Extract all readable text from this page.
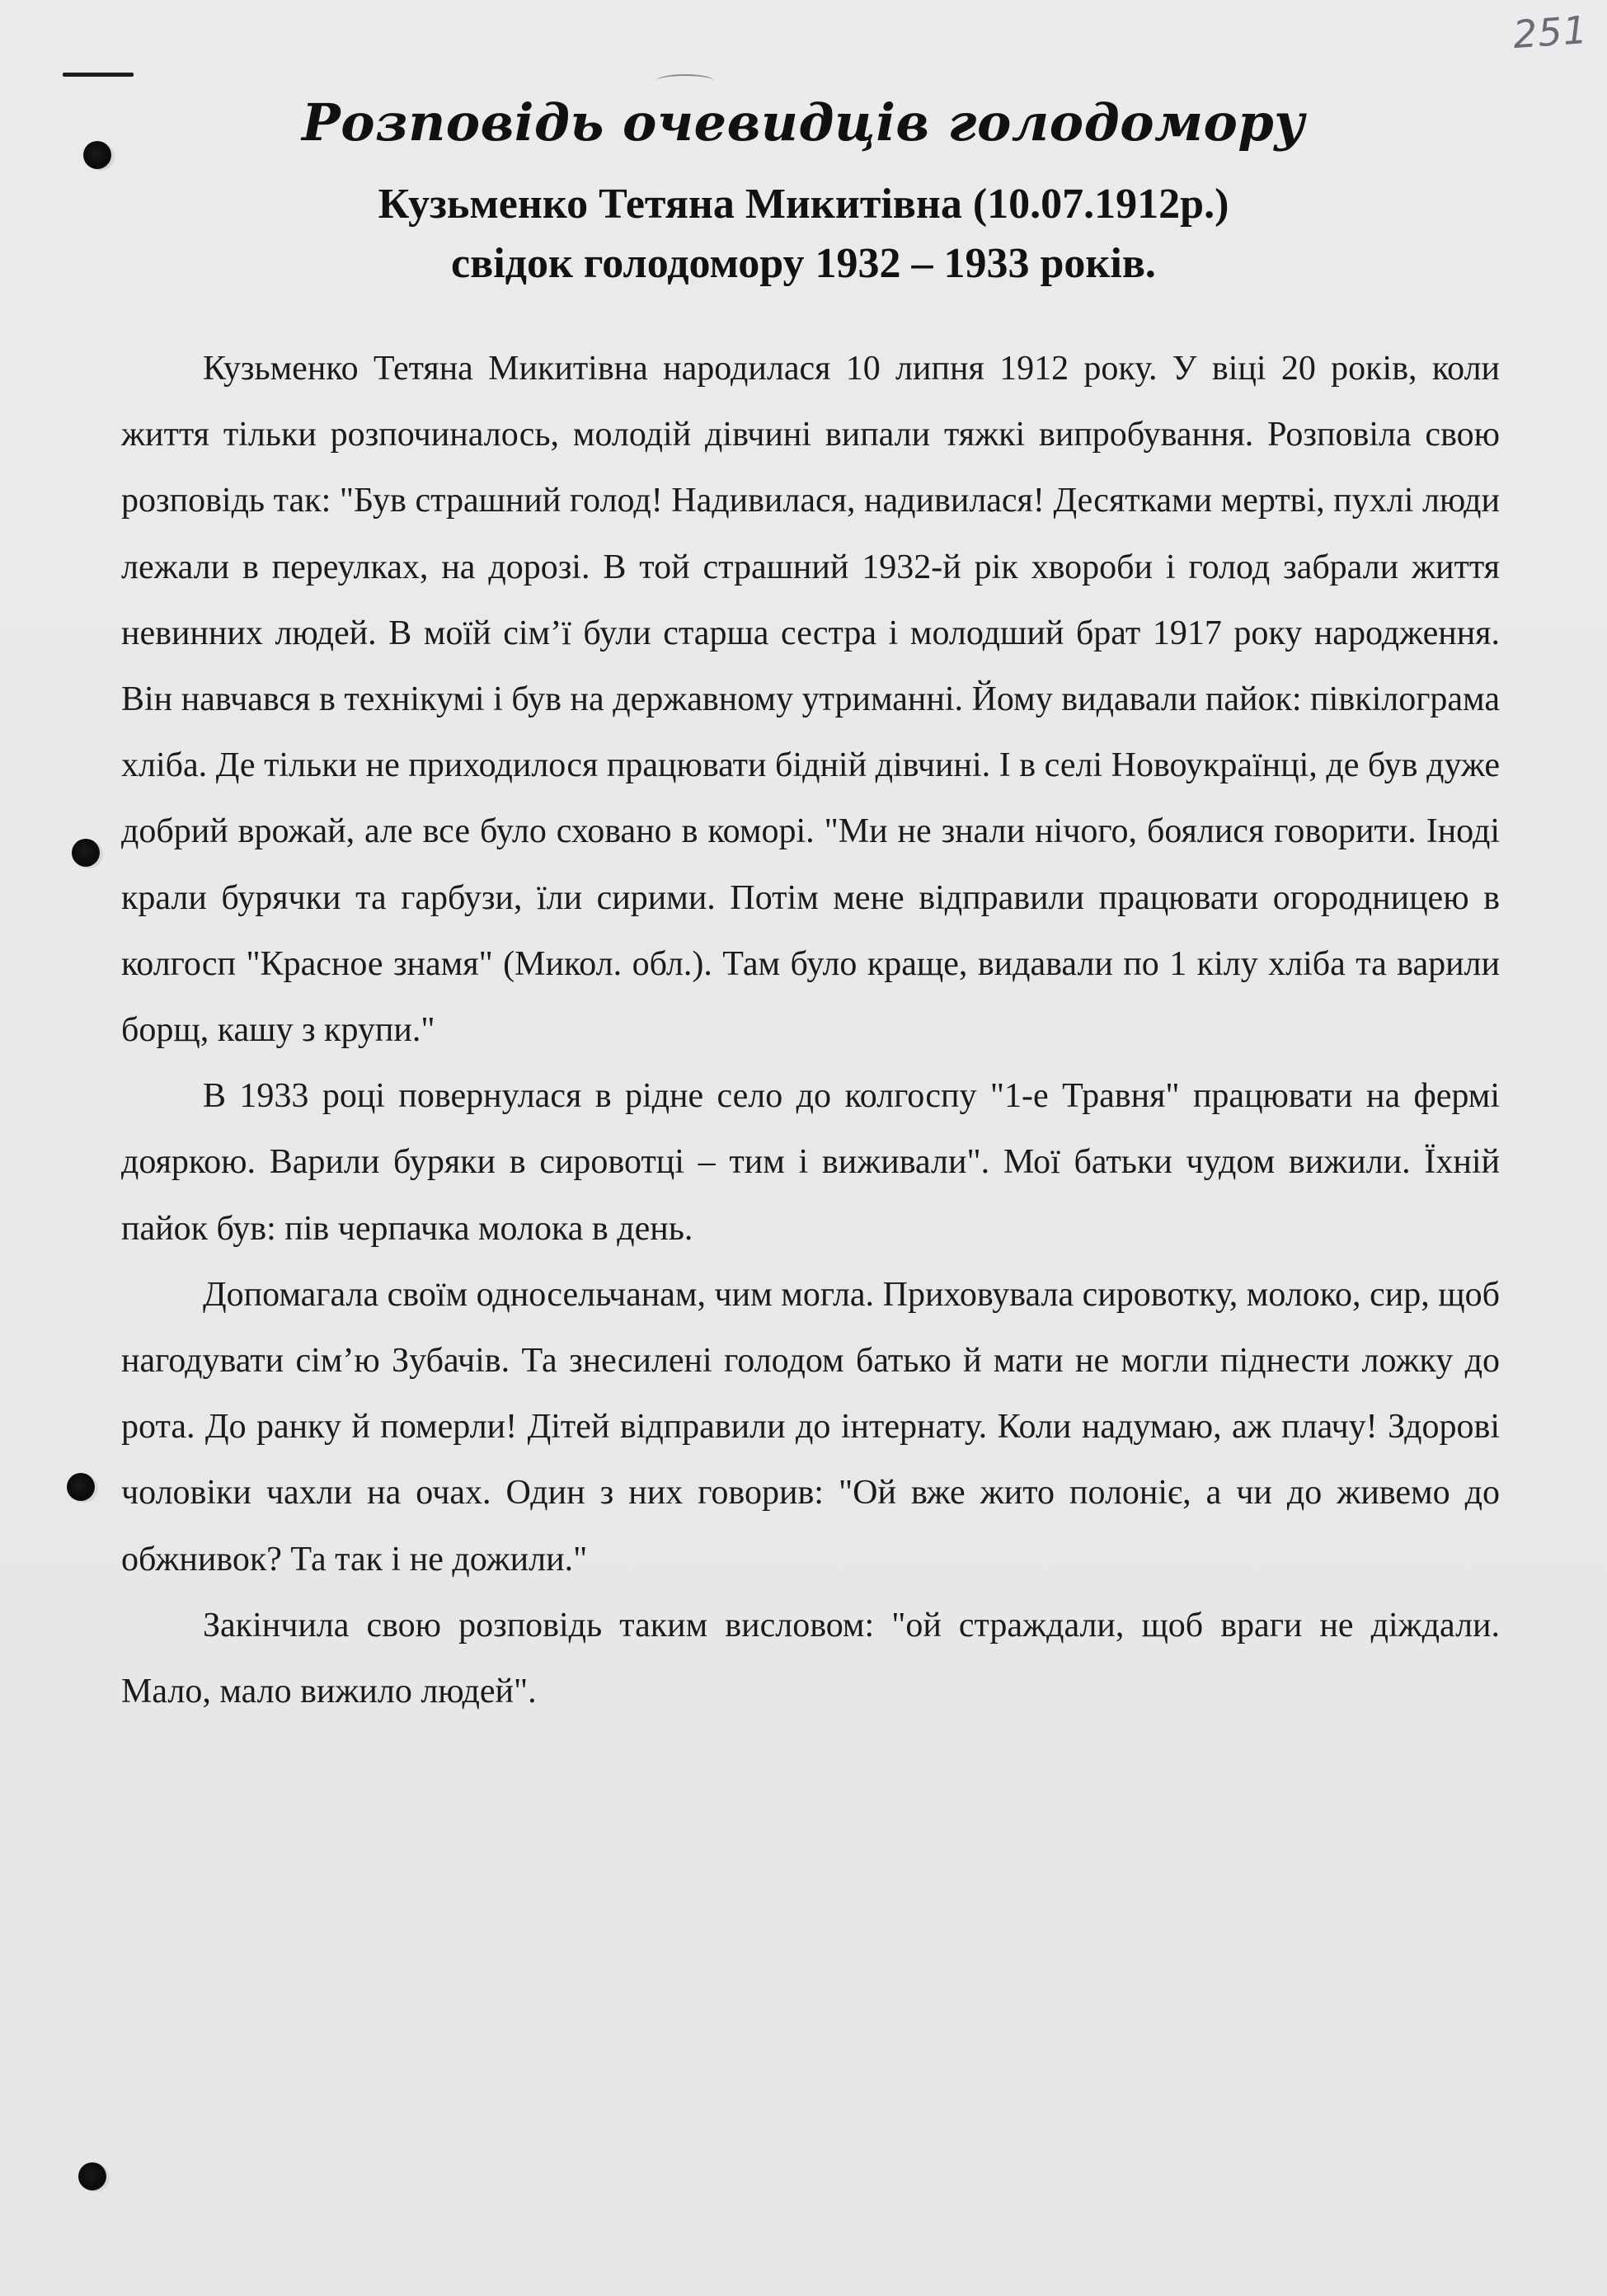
251
Розповідь очевидців голодомору
Кузьменко Тетяна Микитівна (10.07.1912р.)
свідок голодомору 1932 – 1933 років.

Кузьменко Тетяна Микитівна народилася 10 липня 1912 року. У віці 20 років, коли життя тільки розпочиналось, молодій дівчині випали тяжкі випробування. Розповіла свою розповідь так: "Був страшний голод! Надивилася, надивилася! Десятками мертві, пухлі люди лежали в переулках, на дорозі. В той страшний 1932-й рік хвороби і голод забрали життя невинних людей. В моїй сім’ї були старша сестра і молодший брат 1917 року народження. Він навчався в технікумі і був на державному утриманні. Йому видавали пайок: півкілограма хліба. Де тільки не приходилося працювати бідній дівчині. І в селі Новоукраїнці, де був дуже добрий врожай, але все було сховано в коморі. "Ми не знали нічого, боялися говорити. Іноді крали бурячки та гарбузи, їли сирими. Потім мене відправили працювати огородницею в колгосп "Красное знамя" (Микол. обл.). Там було краще, видавали по 1 кілу хліба та варили борщ, кашу з крупи."

В 1933 році повернулася в рідне село до колгоспу "1-е Травня" працювати на фермі дояркою. Варили буряки в сировотці – тим і виживали". Мої батьки чудом вижили. Їхній пайок був: пів черпачка молока в день.

Допомагала своїм односельчанам, чим могла. Приховувала сировотку, молоко, сир, щоб нагодувати сім’ю Зубачів. Та знесилені голодом батько й мати не могли піднести ложку до рота. До ранку й померли! Дітей відправили до інтернату. Коли надумаю, аж плачу! Здорові чоловіки чахли на очах. Один з них говорив: "Ой вже жито полоніє, а чи до живемо до обжнивок? Та так і не дожили."

Закінчила свою розповідь таким висловом: "ой страждали, щоб враги не діждали. Мало, мало вижило людей".
